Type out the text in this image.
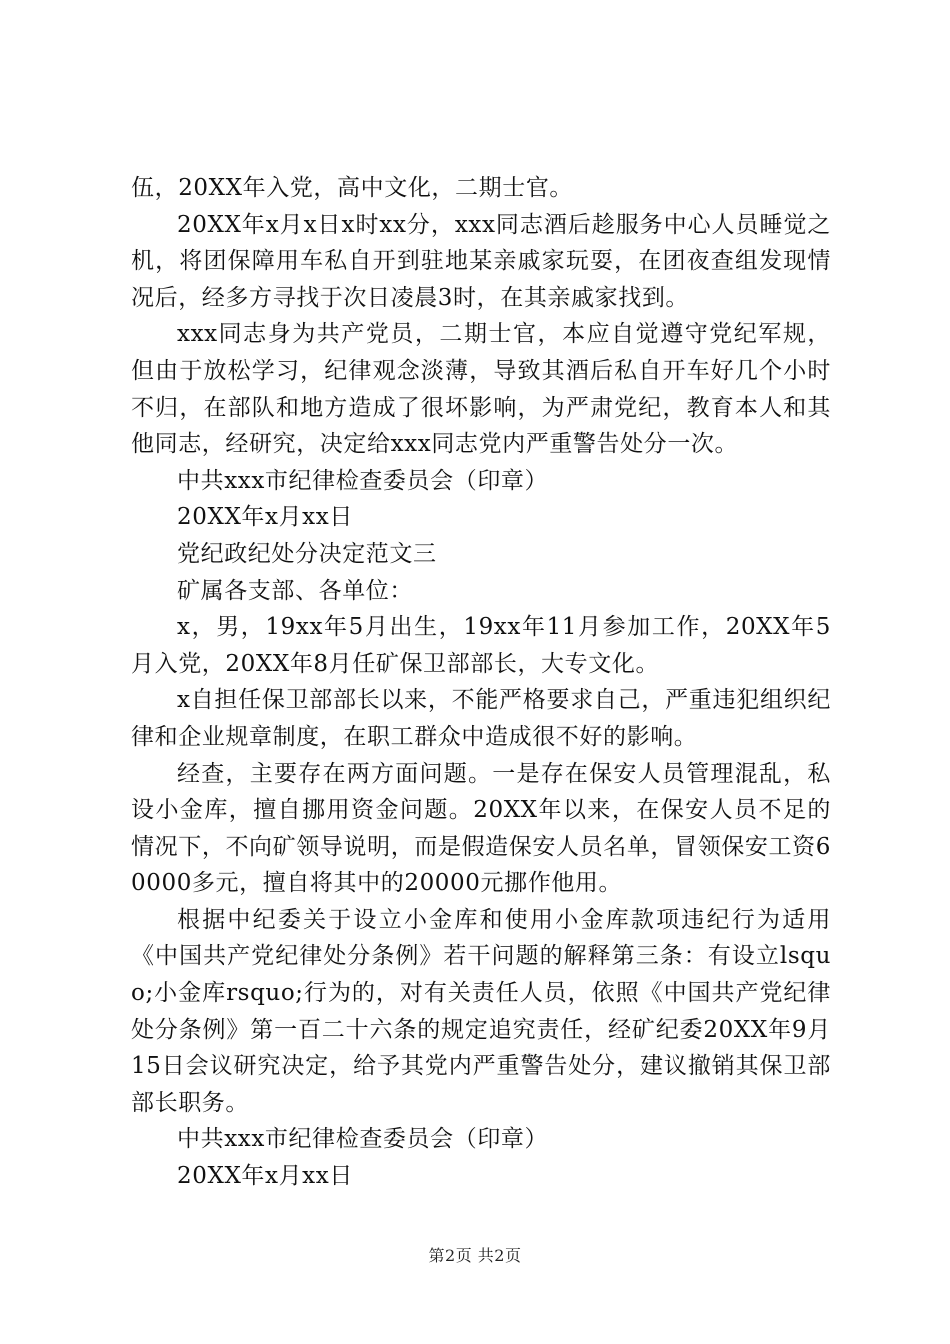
伍，20XX年入党，高中文化，二期士官。

20XX年x月x日x时xx分，xxx同志酒后趁服务中心人员睡觉之机，将团保障用车私自开到驻地某亲戚家玩耍，在团夜查组发现情况后，经多方寻找于次日凌晨3时，在其亲戚家找到。

xxx同志身为共产党员，二期士官，本应自觉遵守党纪军规，但由于放松学习，纪律观念淡薄，导致其酒后私自开车好几个小时不归，在部队和地方造成了很坏影响，为严肃党纪，教育本人和其他同志，经研究，决定给xxx同志党内严重警告处分一次。

中共xxx市纪律检查委员会（印章）

20XX年x月xx日

党纪政纪处分决定范文三

矿属各支部、各单位：

x，男，19xx年5月出生，19xx年11月参加工作，20XX年5月入党，20XX年8月任矿保卫部部长，大专文化。

x自担任保卫部部长以来，不能严格要求自己，严重违犯组织纪律和企业规章制度，在职工群众中造成很不好的影响。

经查，主要存在两方面问题。一是存在保安人员管理混乱，私设小金库，擅自挪用资金问题。20XX年以来，在保安人员不足的情况下，不向矿领导说明，而是假造保安人员名单，冒领保安工资60000多元，擅自将其中的20000元挪作他用。

根据中纪委关于设立小金库和使用小金库款项违纪行为适用《中国共产党纪律处分条例》若干问题的解释第三条：有设立lsquo;小金库rsquo;行为的，对有关责任人员，依照《中国共产党纪律处分条例》第一百二十六条的规定追究责任，经矿纪委20XX年9月15日会议研究决定，给予其党内严重警告处分，建议撤销其保卫部部长职务。

中共xxx市纪律检查委员会（印章）

20XX年x月xx日

第2页 共2页
